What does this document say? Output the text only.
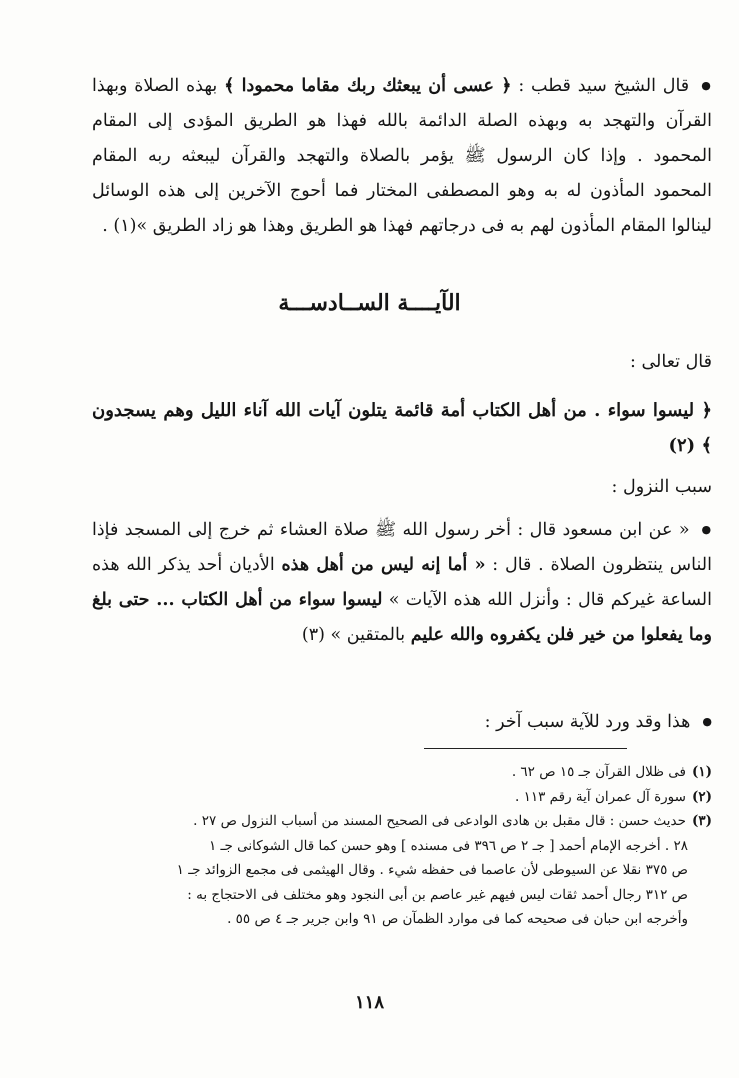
● قال الشيخ سيد قطب : ﴿ عسى أن يبعثك ربك مقاما محمودا ﴾ بهذه الصلاة وبهذا القرآن والتهجد به وبهذه الصلة الدائمة بالله فهذا هو الطريق المؤدى إلى المقام المحمود . وإذا كان الرسول ﷺ يؤمر بالصلاة والتهجد والقرآن ليبعثه ربه المقام المحمود المأذون له به وهو المصطفى المختار فما أحوج الآخرين إلى هذه الوسائل لينالوا المقام المأذون لهم به فى درجاتهم فهذا هو الطريق وهذا هو زاد الطريق »(١) .

الآيــــة الســادســـة

قال تعالى :

﴿ ليسوا سواء . من أهل الكتاب أمة قائمة يتلون آيات الله آناء الليل وهم يسجدون ﴾ (٢)

سبب النزول :

● « عن ابن مسعود قال : أخر رسول الله ﷺ صلاة العشاء ثم خرج إلى المسجد فإذا الناس ينتظرون الصلاة . قال : « أما إنه ليس من أهل هذه الأديان أحد يذكر الله هذه الساعة غيركم قال : وأنزل الله هذه الآيات » ليسوا سواء من أهل الكتاب ... حتى بلغ وما يفعلوا من خير فلن يكفروه والله عليم بالمتقين » (٣)

● هذا وقد ورد للآية سبب آخر :

(١)فى ظلال القرآن جـ ١٥ ص ٦٢ .
(٢)سورة آل عمران آية رقم ١١٣ .
(٣)حديث حسن : قال مقبل بن هادى الوادعى فى الصحيح المسند من أسباب النزول ص ٢٧ .
٢٨ . أخرجه الإمام أحمد [ جـ ٢ ص ٣٩٦ فى مسنده ] وهو حسن كما قال الشوكانى جـ ١
ص ٣٧٥ نقلا عن السيوطى لأن عاصما فى حفظه شيء . وقال الهيثمى فى مجمع الزوائد جـ ١
ص ٣١٢ رجال أحمد ثقات ليس فيهم غير عاصم بن أبى النجود وهو مختلف فى الاحتجاج به :
وأخرجه ابن حبان فى صحيحه كما فى موارد الظمآن ص ٩١ وابن جرير جـ ٤ ص ٥٥ .
١١٨
